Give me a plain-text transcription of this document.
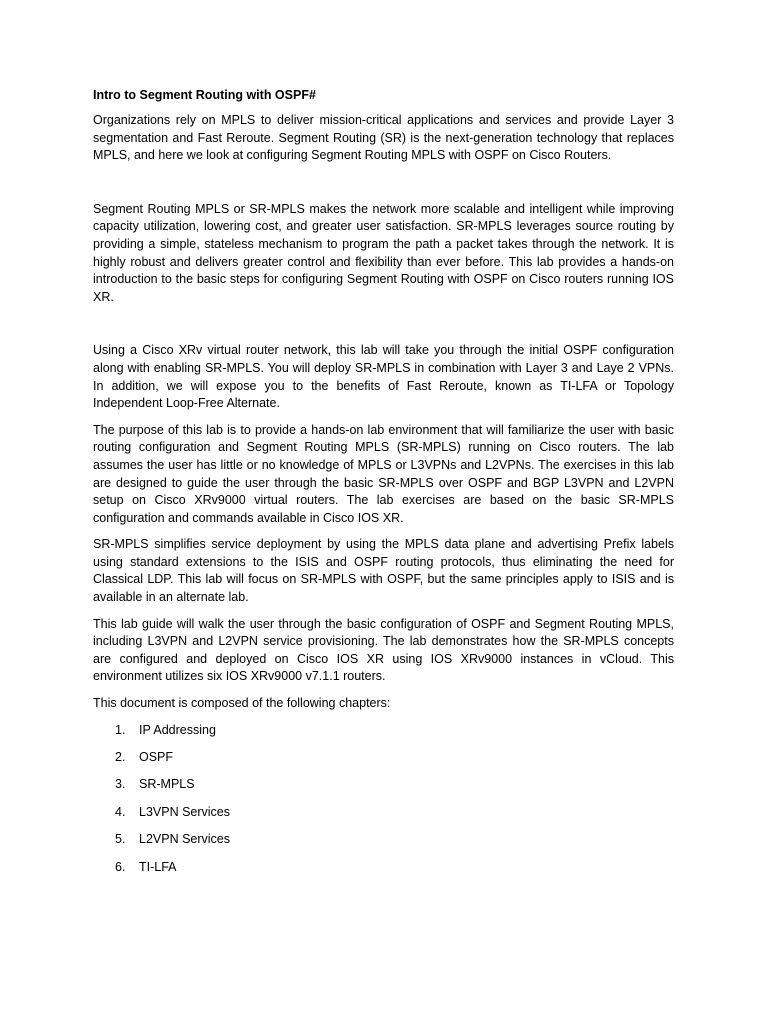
Intro to Segment Routing with OSPF#

Organizations rely on MPLS to deliver mission-critical applications and services and provide Layer 3 segmentation and Fast Reroute. Segment Routing (SR) is the next-generation technology that replaces MPLS, and here we look at configuring Segment Routing MPLS with OSPF on Cisco Routers.

Segment Routing MPLS or SR-MPLS makes the network more scalable and intelligent while improving capacity utilization, lowering cost, and greater user satisfaction. SR-MPLS leverages source routing by providing a simple, stateless mechanism to program the path a packet takes through the network. It is highly robust and delivers greater control and flexibility than ever before. This lab provides a hands-on introduction to the basic steps for configuring Segment Routing with OSPF on Cisco routers running IOS XR.

Using a Cisco XRv virtual router network, this lab will take you through the initial OSPF configuration along with enabling SR-MPLS. You will deploy SR-MPLS in combination with Layer 3 and Laye 2 VPNs. In addition, we will expose you to the benefits of Fast Reroute, known as TI-LFA or Topology Independent Loop-Free Alternate.

The purpose of this lab is to provide a hands-on lab environment that will familiarize the user with basic routing configuration and Segment Routing MPLS (SR-MPLS) running on Cisco routers. The lab assumes the user has little or no knowledge of MPLS or L3VPNs and L2VPNs. The exercises in this lab are designed to guide the user through the basic SR-MPLS over OSPF and BGP L3VPN and L2VPN setup on Cisco XRv9000 virtual routers. The lab exercises are based on the basic SR-MPLS configuration and commands available in Cisco IOS XR.

SR-MPLS simplifies service deployment by using the MPLS data plane and advertising Prefix labels using standard extensions to the ISIS and OSPF routing protocols, thus eliminating the need for Classical LDP. This lab will focus on SR-MPLS with OSPF, but the same principles apply to ISIS and is available in an alternate lab.

This lab guide will walk the user through the basic configuration of OSPF and Segment Routing MPLS, including L3VPN and L2VPN service provisioning. The lab demonstrates how the SR-MPLS concepts are configured and deployed on Cisco IOS XR using IOS XRv9000 instances in vCloud. This environment utilizes six IOS XRv9000 v7.1.1 routers.

This document is composed of the following chapters:

1.	IP Addressing
2.	OSPF
3.	SR-MPLS
4.	L3VPN Services
5.	L2VPN Services
6.	TI-LFA
